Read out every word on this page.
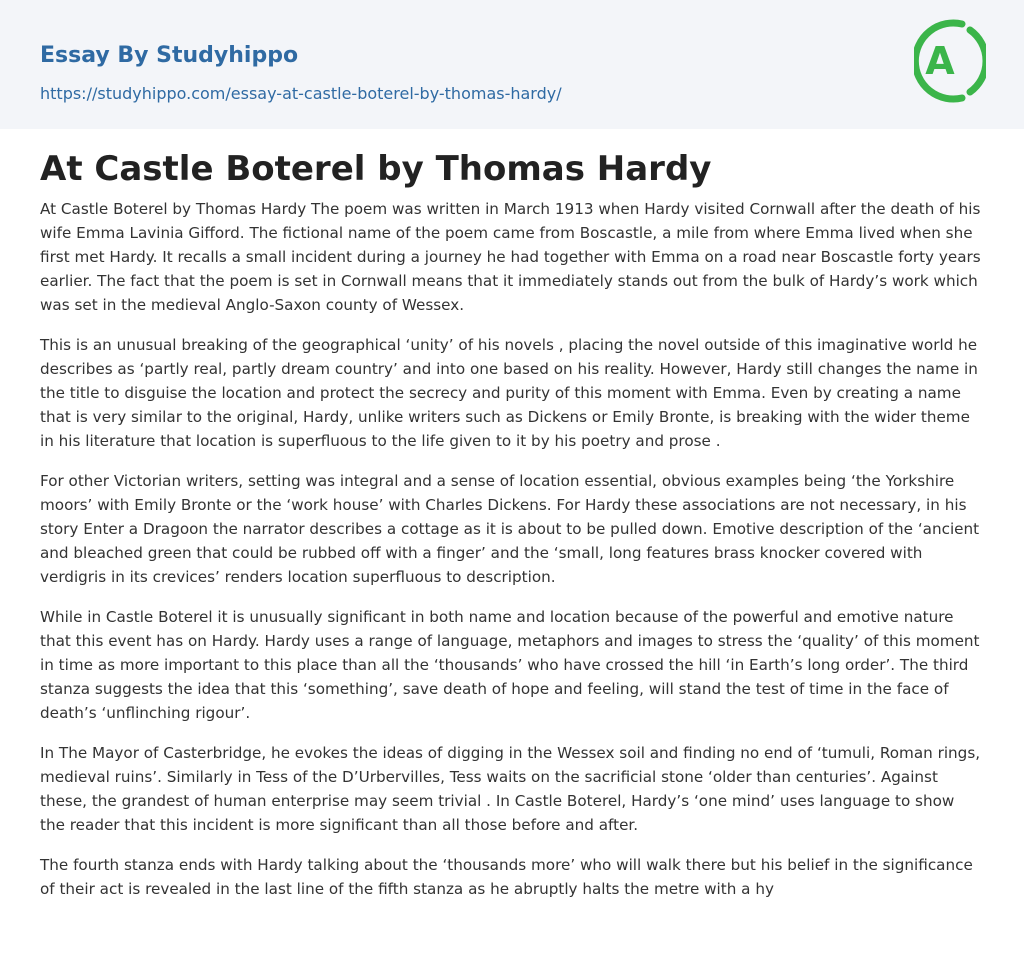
Essay By Studyhippo
https://studyhippo.com/essay-at-castle-boterel-by-thomas-hardy/
A
At Castle Boterel by Thomas Hardy

At Castle Boterel by Thomas Hardy The poem was written in March 1913 when Hardy visited Cornwall after the death of his wife Emma Lavinia Gifford. The fictional name of the poem came from Boscastle, a mile from where Emma lived when she first met Hardy. It recalls a small incident during a journey he had together with Emma on a road near Boscastle forty years earlier. The fact that the poem is set in Cornwall means that it immediately stands out from the bulk of Hardy’s work which was set in the medieval Anglo-Saxon county of Wessex.

This is an unusual breaking of the geographical ‘unity’ of his novels , placing the novel outside of this imaginative world he describes as ‘partly real, partly dream country’ and into one based on his reality. However, Hardy still changes the name in the title to disguise the location and protect the secrecy and purity of this moment with Emma. Even by creating a name that is very similar to the original, Hardy, unlike writers such as Dickens or Emily Bronte, is breaking with the wider theme in his literature that location is superfluous to the life given to it by his poetry and prose .

For other Victorian writers, setting was integral and a sense of location essential, obvious examples being ‘the Yorkshire moors’ with Emily Bronte or the ‘work house’ with Charles Dickens. For Hardy these associations are not necessary, in his story Enter a Dragoon the narrator describes a cottage as it is about to be pulled down. Emotive description of the ‘ancient and bleached green that could be rubbed off with a finger’ and the ‘small, long features brass knocker covered with verdigris in its crevices’ renders location superfluous to description.

While in Castle Boterel it is unusually significant in both name and location because of the powerful and emotive nature that this event has on Hardy. Hardy uses a range of language, metaphors and images to stress the ‘quality’ of this moment in time as more important to this place than all the ‘thousands’ who have crossed the hill ‘in Earth’s long order’. The third stanza suggests the idea that this ‘something’, save death of hope and feeling, will stand the test of time in the face of death’s ‘unflinching rigour’.

In The Mayor of Casterbridge, he evokes the ideas of digging in the Wessex soil and finding no end of ‘tumuli, Roman rings, medieval ruins’. Similarly in Tess of the D’Urbervilles, Tess waits on the sacrificial stone ‘older than centuries’. Against these, the grandest of human enterprise may seem trivial . In Castle Boterel, Hardy’s ‘one mind’ uses language to show the reader that this incident is more significant than all those before and after.

The fourth stanza ends with Hardy talking about the ‘thousands more’ who will walk there but his belief in the significance of their act is revealed in the last line of the fifth stanza as he abruptly halts the metre with a hy
